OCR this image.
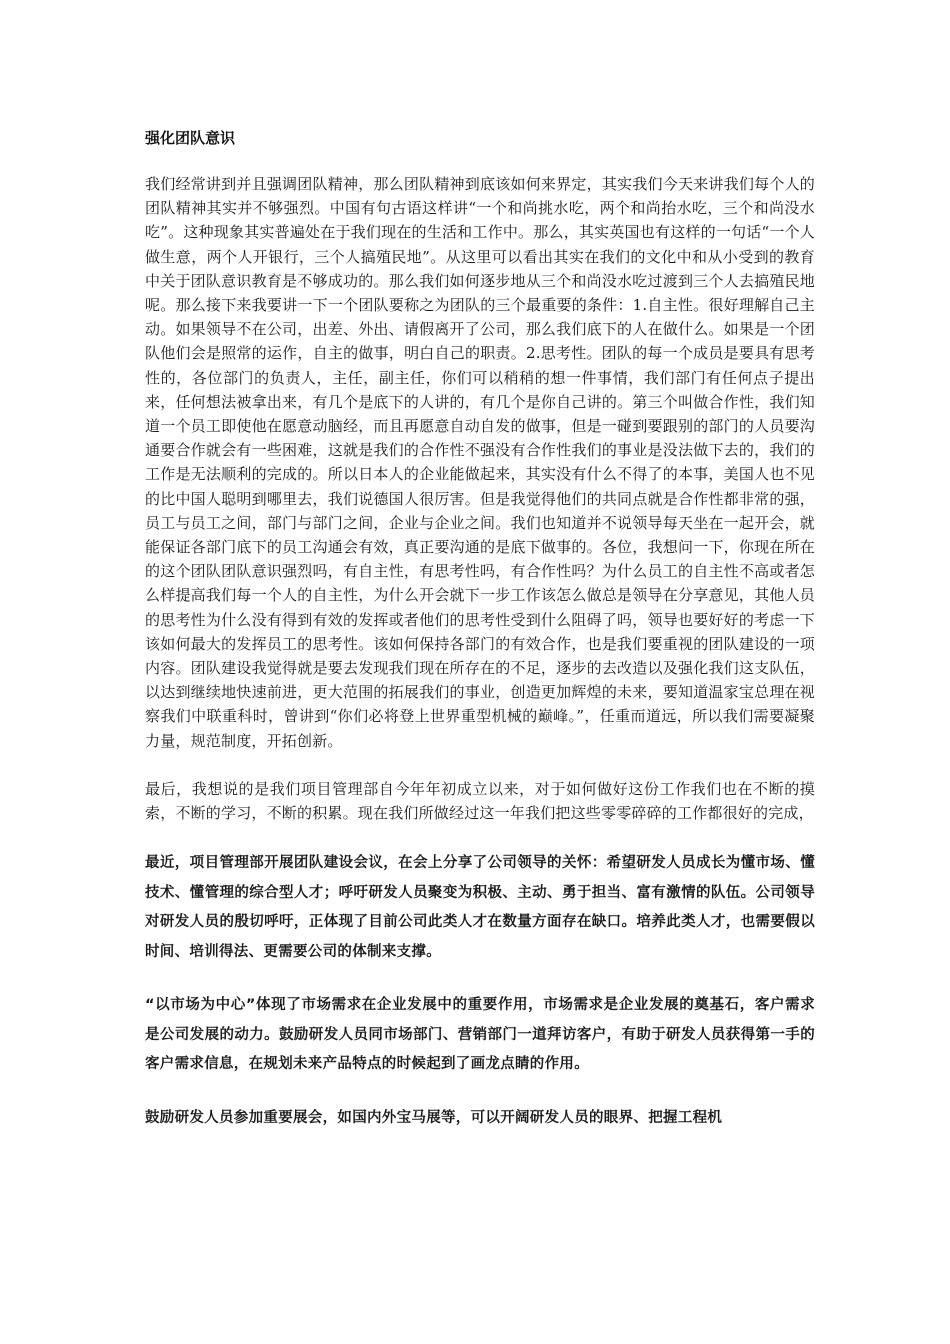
强化团队意识

我们经常讲到并且强调团队精神，那么团队精神到底该如何来界定，其实我们今天来讲我们每个人的团队精神其实并不够强烈。中国有句古语这样讲“一个和尚挑水吃，两个和尚抬水吃，三个和尚没水吃”。这种现象其实普遍处在于我们现在的生活和工作中。那么，其实英国也有这样的一句话“一个人做生意，两个人开银行，三个人搞殖民地”。从这里可以看出其实在我们的文化中和从小受到的教育中关于团队意识教育是不够成功的。那么我们如何逐步地从三个和尚没水吃过渡到三个人去搞殖民地呢。那么接下来我要讲一下一个团队要称之为团队的三个最重要的条件：1.自主性。很好理解自己主动。如果领导不在公司，出差、外出、请假离开了公司，那么我们底下的人在做什么。如果是一个团队他们会是照常的运作，自主的做事，明白自己的职责。2.思考性。团队的每一个成员是要具有思考性的，各位部门的负责人，主任，副主任，你们可以稍稍的想一件事情，我们部门有任何点子提出来，任何想法被拿出来，有几个是底下的人讲的，有几个是你自己讲的。第三个叫做合作性，我们知道一个员工即使他在愿意动脑经，而且再愿意自动自发的做事，但是一碰到要跟别的部门的人员要沟通要合作就会有一些困难，这就是我们的合作性不强没有合作性我们的事业是没法做下去的，我们的工作是无法顺利的完成的。所以日本人的企业能做起来，其实没有什么不得了的本事，美国人也不见的比中国人聪明到哪里去，我们说德国人很厉害。但是我觉得他们的共同点就是合作性都非常的强，员工与员工之间，部门与部门之间，企业与企业之间。我们也知道并不说领导每天坐在一起开会，就能保证各部门底下的员工沟通会有效，真正要沟通的是底下做事的。各位，我想问一下，你现在所在的这个团队团队意识强烈吗，有自主性，有思考性吗，有合作性吗？为什么员工的自主性不高或者怎么样提高我们每一个人的自主性，为什么开会就下一步工作该怎么做总是领导在分享意见，其他人员的思考性为什么没有得到有效的发挥或者他们的思考性受到什么阻碍了吗，领导也要好好的考虑一下该如何最大的发挥员工的思考性。该如何保持各部门的有效合作，也是我们要重视的团队建设的一项内容。团队建设我觉得就是要去发现我们现在所存在的不足，逐步的去改造以及强化我们这支队伍，以达到继续地快速前进，更大范围的拓展我们的事业，创造更加辉煌的未来，要知道温家宝总理在视察我们中联重科时，曾讲到“你们必将登上世界重型机械的巅峰。”，任重而道远，所以我们需要凝聚力量，规范制度，开拓创新。

最后，我想说的是我们项目管理部自今年年初成立以来，对于如何做好这份工作我们也在不断的摸索，不断的学习，不断的积累。现在我们所做经过这一年我们把这些零零碎碎的工作都很好的完成，

最近，项目管理部开展团队建设会议，在会上分享了公司领导的关怀：希望研发人员成长为懂市场、懂技术、懂管理的综合型人才；呼吁研发人员聚变为积极、主动、勇于担当、富有激情的队伍。公司领导对研发人员的殷切呼吁，正体现了目前公司此类人才在数量方面存在缺口。培养此类人才，也需要假以时间、培训得法、更需要公司的体制来支撑。

“以市场为中心”体现了市场需求在企业发展中的重要作用，市场需求是企业发展的奠基石，客户需求是公司发展的动力。鼓励研发人员同市场部门、营销部门一道拜访客户，有助于研发人员获得第一手的客户需求信息，在规划未来产品特点的时候起到了画龙点睛的作用。

鼓励研发人员参加重要展会，如国内外宝马展等，可以开阔研发人员的眼界、把握工程机
